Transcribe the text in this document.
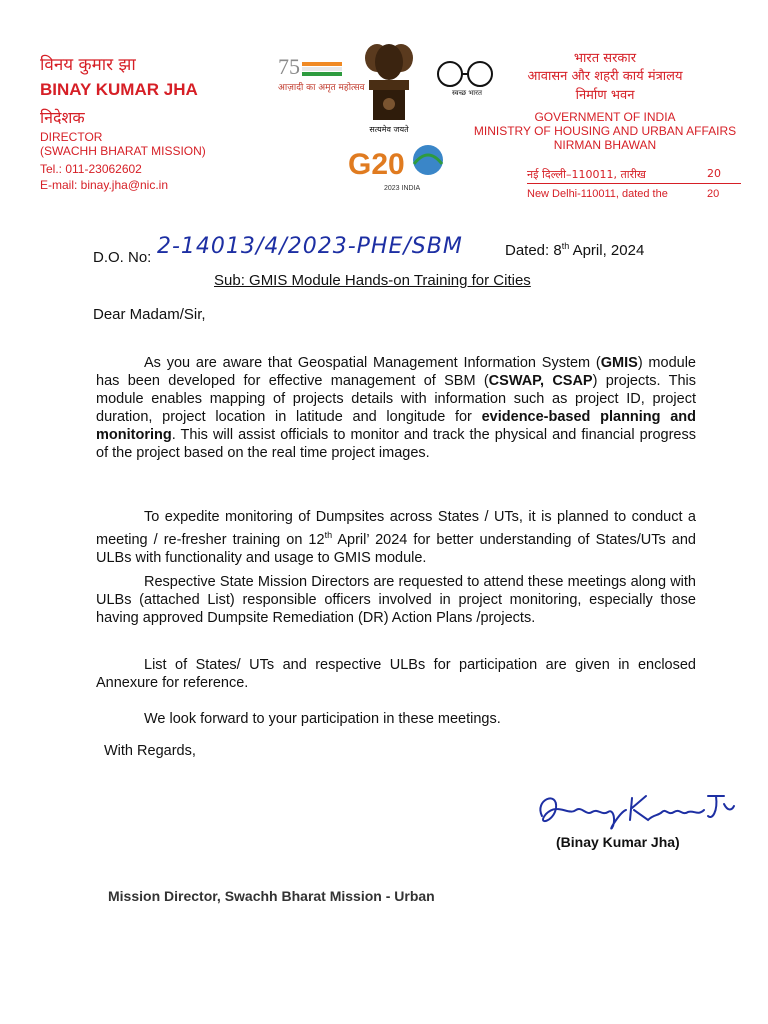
विनय कुमार झा
BINAY KUMAR JHA
निदेशक
DIRECTOR
(SWACHH BHARAT MISSION)
Tel.: 011-23062602
E-mail: binay.jha@nic.in
75
आज़ादी का अमृत महोत्सव
सत्यमेव जयते
G20
2023 INDIA
स्वच्छ भारत
भारत सरकार
आवासन और शहरी कार्य मंत्रालय
निर्माण भवन
GOVERNMENT OF INDIA
MINISTRY OF HOUSING AND URBAN AFFAIRS
NIRMAN BHAWAN
नई दिल्ली–110011, तारीख	20
New Delhi-110011, dated the	20
D.O. No: 2-14013/4/2023-PHE/SBM	Dated: 8th April, 2024
Sub: GMIS Module Hands-on Training for Cities
Dear Madam/Sir,

As you are aware that Geospatial Management Information System (GMIS) module has been developed for effective management of SBM (CSWAP, CSAP) projects. This module enables mapping of projects details with information such as project ID, project duration, project location in latitude and longitude for evidence-based planning and monitoring. This will assist officials to monitor and track the physical and financial progress of the project based on the real time project images.

To expedite monitoring of Dumpsites across States / UTs, it is planned to conduct a meeting / re-fresher training on 12th April’ 2024 for better understanding of States/UTs and ULBs with functionality and usage to GMIS module.

Respective State Mission Directors are requested to attend these meetings along with ULBs (attached List) responsible officers involved in project monitoring, especially those having approved Dumpsite Remediation (DR) Action Plans /projects.

List of States/ UTs and respective ULBs for participation are given in enclosed Annexure for reference.

We look forward to your participation in these meetings.

With Regards,
(Binay Kumar Jha)
Mission Director, Swachh Bharat Mission - Urban
